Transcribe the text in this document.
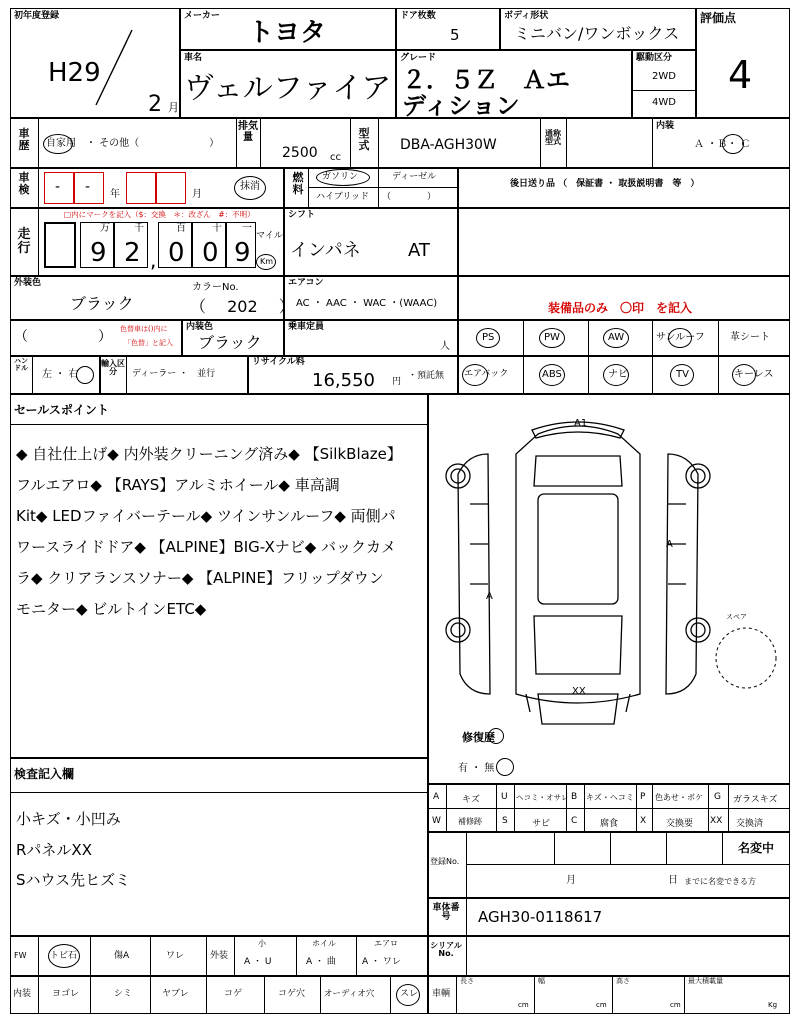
初年度登録
H29
2 月
メーカー
トヨタ
車名
ヴェルファイア
ドア枚数
5
ボディ形状
ミニバン/ワンボックス
グレード
２．５Ｚ　Ａエ
ディション
駆動区分
2WD
4WD
評価点
4
車歴	自家用　・ その他（　　　　　　　）
排気量
2500 cc
型式	DBA-AGH30W
通称型式
内装
Ａ ・Ｂ・ Ｃ
車検	- - 年	月
抹消
燃料
ガソリン	ディーゼル
ハイブリッド （　　　　）
後日送り品 （　保証書 ・ 取扱説明書　等　）
走行
□内にマークを記入（$：交換　＊：改ざん　#：不明）
万
9
千
2 ,
百
0
十
0
一
9
マイル
Km
シフト
インパネ	AT
外装色
ブラック
カラーNo.
（　 202　 ）
エアコン
AC ・ AAC ・ WAC ・(WAAC)	装備品のみ　〇印　を記入
（　　　　　） 色替車は()内に
「色替」と記入
内装色
ブラック
乗車定員
人
PS	PW	AW	サンルーフ	革シート
ハンドル
左 ・ 右
輸入区分	ディーラー ・　並行
リサイクル料
16,550 円
・預託無 エアバック	ABS	ナビ	TV	キーレス
セールスポイント
◆ 自社仕上げ◆ 内外装クリーニング済み◆ 【SilkBlaze】
フルエアロ◆ 【RAYS】アルミホイール◆ 車高調
Kit◆ LEDファイバーテール◆ ツインサンルーフ◆ 両側パ
ワースライドドア◆ 【ALPINE】BIG-Xナビ◆ バックカメ
ラ◆ クリアランスソナー◆ 【ALPINE】フリップダウン
モニター◆ ビルトインETC◆
A1
A
A
XX
スペア
修復歴
有 ・ 無
検査記入欄
小キズ・小凹み
RパネルXX
Sハウス先ヒズミ
A	キズ U ヘコミ・オサレ B キズ・ヘコミ P 色あせ・ボケ G ガラスキズ
W 補修跡 S	サビ C	腐食 X 交換要 XX 交換済
登録No.
名変中
月	日 までに名変できる方
車体番号	AGH30-0118617
FW	トビ石	傷A	ワレ	外装
小
A ・ U
ホイル
A ・ 曲
エアロ
A ・ ワレ
シリアルNo.
内装 ヨゴレ	シミ	ヤブレ	コゲ	コゲ穴 オーディオ穴	スレ 車輌
長さ
cm
幅
cm
高さ
cm
最大積載量
Kg
